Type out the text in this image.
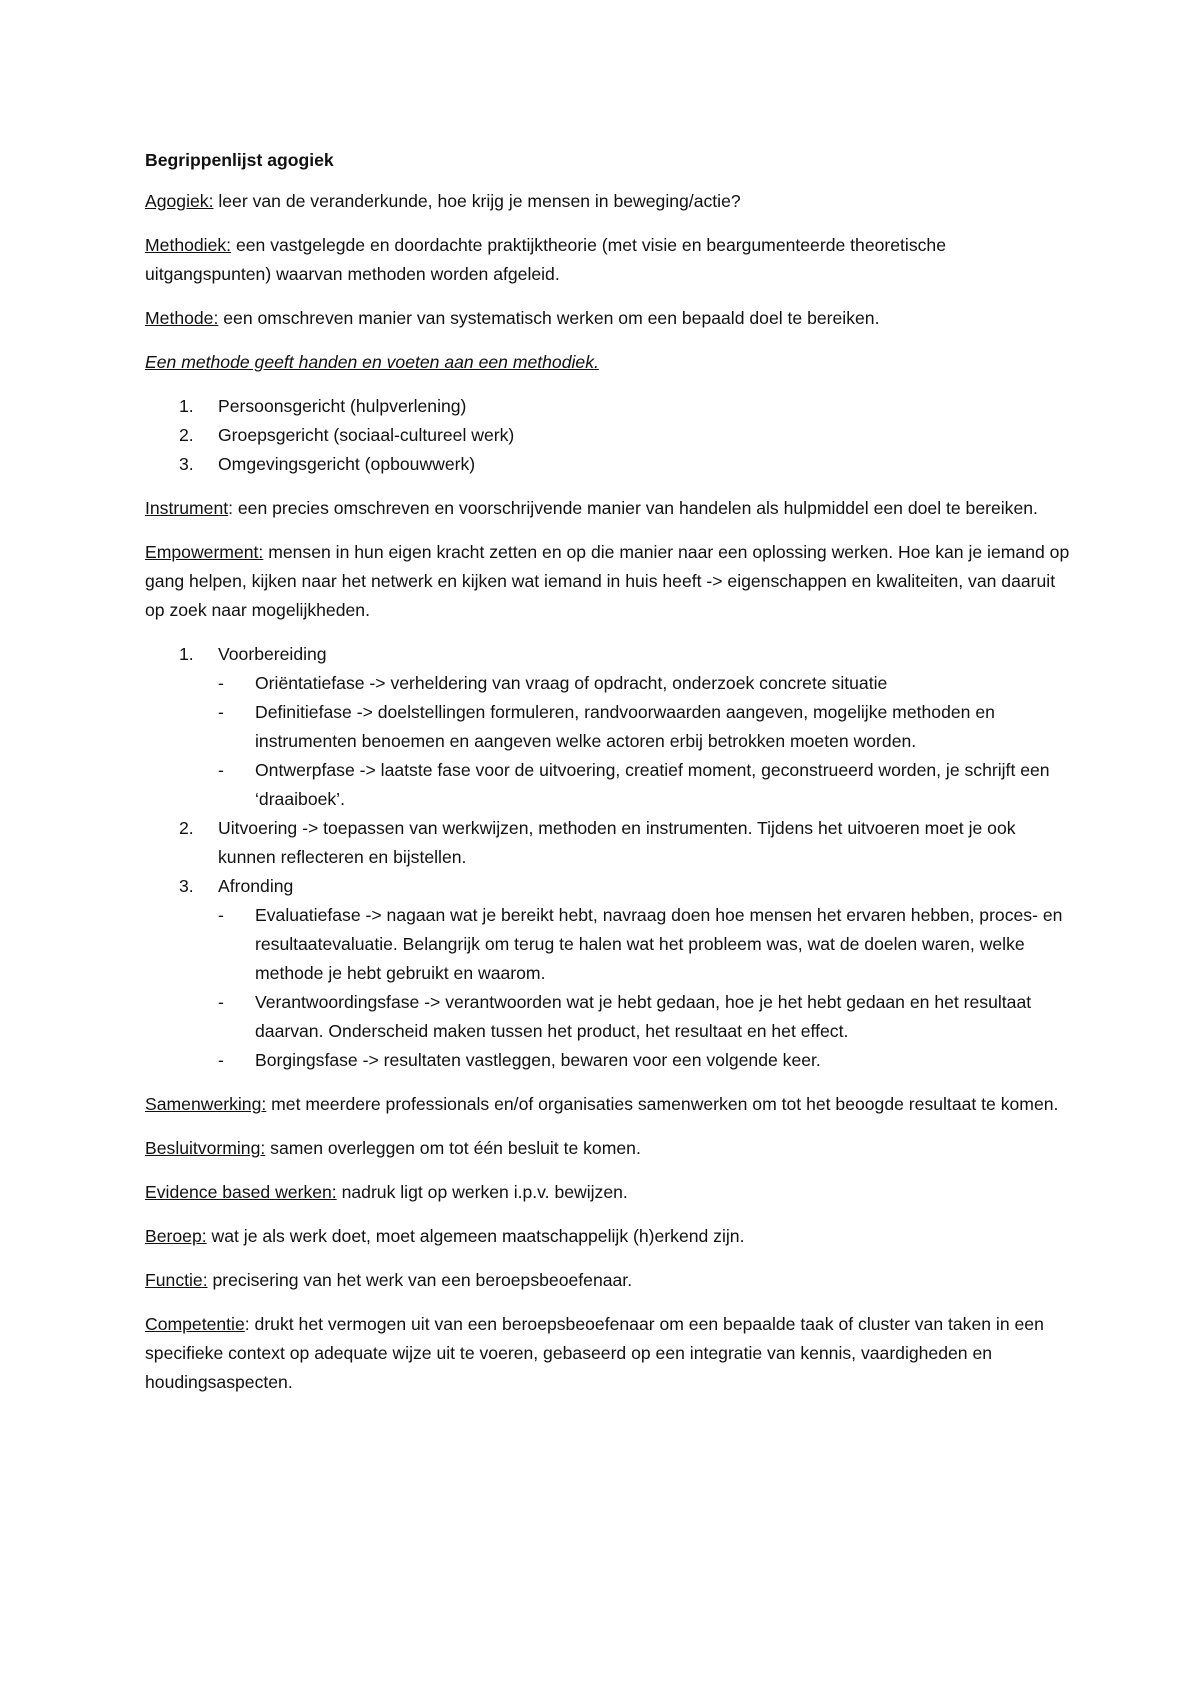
Begrippenlijst agogiek

Agogiek: leer van de veranderkunde, hoe krijg je mensen in beweging/actie?

Methodiek: een vastgelegde en doordachte praktijktheorie (met visie en beargumenteerde theoretische uitgangspunten) waarvan methoden worden afgeleid.

Methode: een omschreven manier van systematisch werken om een bepaald doel te bereiken.

Een methode geeft handen en voeten aan een methodiek.

1. Persoonsgericht (hulpverlening)
2. Groepsgericht (sociaal-cultureel werk)
3. Omgevingsgericht (opbouwwerk)

Instrument: een precies omschreven en voorschrijvende manier van handelen als hulpmiddel een doel te bereiken.

Empowerment: mensen in hun eigen kracht zetten en op die manier naar een oplossing werken. Hoe kan je iemand op gang helpen, kijken naar het netwerk en kijken wat iemand in huis heeft -> eigenschappen en kwaliteiten, van daaruit op zoek naar mogelijkheden.

1. Voorbereiding
- Oriëntatiefase -> verheldering van vraag of opdracht, onderzoek concrete situatie
- Definitiefase -> doelstellingen formuleren, randvoorwaarden aangeven, mogelijke methoden en instrumenten benoemen en aangeven welke actoren erbij betrokken moeten worden.
- Ontwerpfase -> laatste fase voor de uitvoering, creatief moment, geconstrueerd worden, je schrijft een ‘draaiboek’.
2. Uitvoering -> toepassen van werkwijzen, methoden en instrumenten. Tijdens het uitvoeren moet je ook kunnen reflecteren en bijstellen.
3. Afronding
- Evaluatiefase -> nagaan wat je bereikt hebt, navraag doen hoe mensen het ervaren hebben, proces- en resultaatevaluatie. Belangrijk om terug te halen wat het probleem was, wat de doelen waren, welke methode je hebt gebruikt en waarom.
- Verantwoordingsfase -> verantwoorden wat je hebt gedaan, hoe je het hebt gedaan en het resultaat daarvan. Onderscheid maken tussen het product, het resultaat en het effect.
- Borgingsfase -> resultaten vastleggen, bewaren voor een volgende keer.

Samenwerking: met meerdere professionals en/of organisaties samenwerken om tot het beoogde resultaat te komen.

Besluitvorming: samen overleggen om tot één besluit te komen.

Evidence based werken: nadruk ligt op werken i.p.v. bewijzen.

Beroep: wat je als werk doet, moet algemeen maatschappelijk (h)erkend zijn.

Functie: precisering van het werk van een beroepsbeoefenaar.

Competentie: drukt het vermogen uit van een beroepsbeoefenaar om een bepaalde taak of cluster van taken in een specifieke context op adequate wijze uit te voeren, gebaseerd op een integratie van kennis, vaardigheden en houdingsaspecten.
